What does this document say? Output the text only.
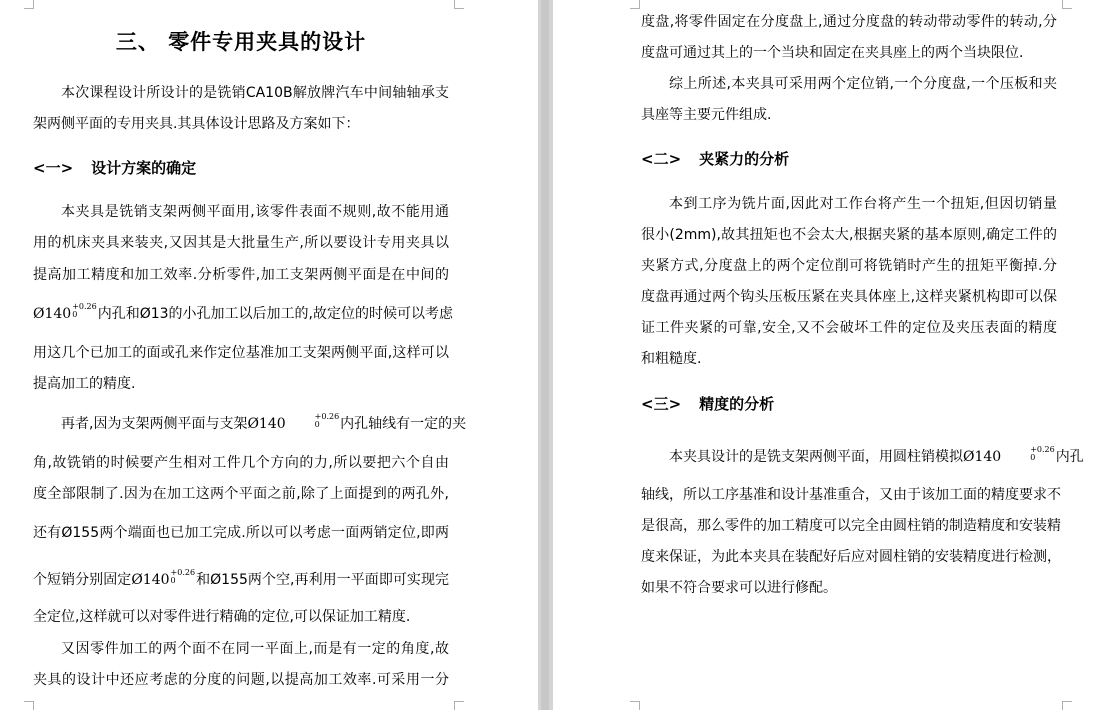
三、 零件专用夹具的设计
本次课程设计所设计的是铣销CA10B解放牌汽车中间轴轴承支
架两侧平面的专用夹具.其具体设计思路及方案如下：
<一> 设计方案的确定
本夹具是铣销支架两侧平面用,该零件表面不规则,故不能用通
用的机床夹具来装夹,又因其是大批量生产,所以要设计专用夹具以
提高加工精度和加工效率.分析零件,加工支架两侧平面是在中间的
Ø140 +0.26
0	内孔和Ø13的小孔加工以后加工的,故定位的时候可以考虑
用这几个已加工的面或孔来作定位基准加工支架两侧平面,这样可以
提高加工的精度.
再者,因为支架两侧平面与支架Ø140	+0.26
0	内孔轴线有一定的夹
角,故铣销的时候要产生相对工件几个方向的力,所以要把六个自由
度全部限制了.因为在加工这两个平面之前,除了上面提到的两孔外,
还有Ø155两个端面也已加工完成.所以可以考虑一面两销定位,即两
个短销分别固定Ø140 +0.26
0	和Ø155两个空,再利用一平面即可实现完
全定位,这样就可以对零件进行精确的定位,可以保证加工精度.
又因零件加工的两个面不在同一平面上,而是有一定的角度,故
夹具的设计中还应考虑的分度的问题,以提高加工效率.可采用一分
度盘,将零件固定在分度盘上,通过分度盘的转动带动零件的转动,分
度盘可通过其上的一个当块和固定在夹具座上的两个当块限位.
综上所述,本夹具可采用两个定位销,一个分度盘,一个压板和夹
具座等主要元件组成.
<二> 夹紧力的分析
本到工序为铣片面,因此对工作台将产生一个扭矩,但因切销量
很小(2mm),故其扭矩也不会太大,根据夹紧的基本原则,确定工件的
夹紧方式,分度盘上的两个定位削可将铣销时产生的扭矩平衡掉.分
度盘再通过两个钩头压板压紧在夹具体座上,这样夹紧机构即可以保
证工件夹紧的可靠,安全,又不会破坏工件的定位及夹压表面的精度
和粗糙度.
<三> 精度的分析
本夹具设计的是铣支架两侧平面，用圆柱销模拟Ø140	+0.26
0	内孔
轴线，所以工序基准和设计基准重合，又由于该加工面的精度要求不
是很高，那么零件的加工精度可以完全由圆柱销的制造精度和安装精
度来保证，为此本夹具在装配好后应对圆柱销的安装精度进行检测，
如果不符合要求可以进行修配。
